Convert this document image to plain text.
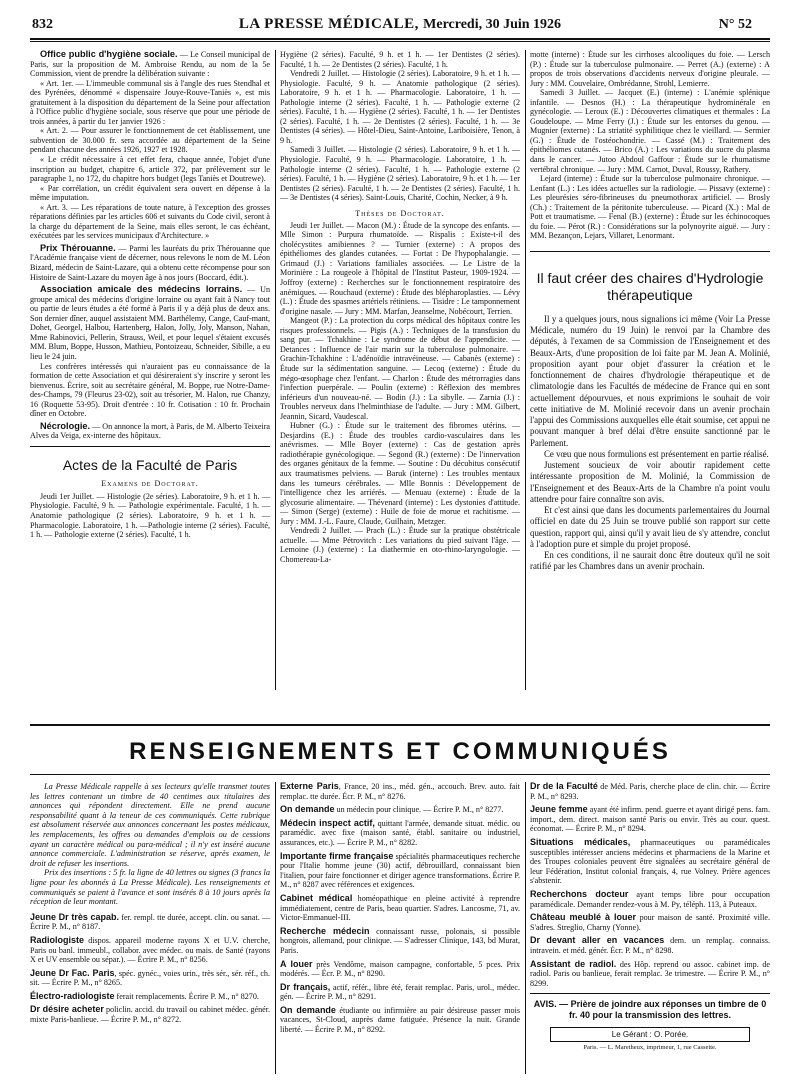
832	LA PRESSE MÉDICALE, Mercredi, 30 Juin 1926	N° 52

Office public d'hygiène sociale. — Le Conseil municipal de Paris, sur la proposition de M. Ambroise Rendu, au nom de la 5e Commission, vient de prendre la délibération suivante :

« Art. 1er. — L'immeuble communal sis à l'angle des rues Stendhal et des Pyrénées, dénommé « dispensaire Jouye-Rouve-Taniès », est mis gratuitement à la disposition du département de la Seine pour affectation à l'Office public d'hygiène sociale, sous réserve que pour une période de trois années, à partir du 1er janvier 1926 :

« Art. 2. — Pour assurer le fonctionnement de cet établissement, une subvention de 30.000 fr. sera accordée au département de la Seine pendant chacune des années 1926, 1927 et 1928.

« Le crédit nécessaire à cet effet fera, chaque année, l'objet d'une inscription au budget, chapitre 6, article 372, par prélèvement sur le paragraphe 1, no 172, du chapitre hors budget (legs Taniès et Doutrewe).

« Par corrélation, un crédit équivalent sera ouvert en dépense à la même imputation.

« Art. 3. — Les réparations de toute nature, à l'exception des grosses réparations définies par les articles 606 et suivants du Code civil, seront à la charge du département de la Seine, mais elles seront, le cas échéant, exécutées par les services municipaux d'Architecture. »

Prix Thérouanne. — Parmi les lauréats du prix Thérouanne que l'Académie française vient de décerner, nous relevons le nom de M. Léon Bizard, médecin de Saint-Lazare, qui a obtenu cette récompense pour son Histoire de Saint-Lazare du moyen âge à nos jours (Boccard, édit.).

Association amicale des médecins lorrains. — Un groupe amical des médecins d'origine lorraine ou ayant fait à Nancy tout ou partie de leurs études a été formé à Paris il y a déjà plus de deux ans. Son dernier dîner, auquel assistaient MM. Barthélemy, Cange, Cauf-mant, Dohet, Georgel, Halbou, Hartenberg, Halon, Jolly, Joly, Manson, Nahan, Mme Rabinovici, Pellerin, Strauss, Weil, et pour lequel s'étaient excusés MM. Blum, Boppe, Husson, Mathieu, Pontoizeau, Schneider, Sibille, a eu lieu le 24 juin.

Les confrères intéressés qui n'auraient pas eu connaissance de la formation de cette Association et qui désireraient s'y inscrire y seront les bienvenus. Écrire, soit au secrétaire général, M. Boppe, rue Notre-Dame-des-Champs, 79 (Fleurus 23-02), soit au trésorier, M. Halon, rue Chanzy, 16 (Roquette 53-95). Droit d'entrée : 10 fr. Cotisation : 10 fr. Prochain dîner en Octobre.

Nécrologie. — On annonce la mort, à Paris, de M. Alberto Teixeira Alves da Veiga, ex-interne des hôpitaux.

Actes de la Faculté de Paris
Examens de Doctorat.

Jeudi 1er Juillet. — Histologie (2e séries). Laboratoire, 9 h. et 1 h. — Physiologie. Faculté, 9 h. — Pathologie expérimentale. Faculté, 1 h. — Anatomie pathologique (2 séries). Laboratoire, 9 h. et 1 h. — Pharmacologie. Laboratoire, 1 h. —Pathologie interne (2 séries). Faculté, 1 h. — Pathologie externe (2 séries). Faculté, 1 h.

Hygiène (2 séries). Faculté, 9 h. et 1 h. — 1er Dentistes (2 séries). Faculté, 1 h. — 2e Dentistes (2 séries). Faculté, 1 h.

Vendredi 2 Juillet. — Histologie (2 séries). Laboratoire, 9 h. et 1 h. — Physiologie. Faculté, 9 h. — Anatomie pathologique (2 séries). Laboratoire, 9 h. et 1 h. — Pharmacologie. Laboratoire, 1 h. — Pathologie interne (2 séries). Faculté, 1 h. — Pathologie externe (2 séries). Faculté, 1 h. — Hygiène (2 séries). Faculté, 1 h. — 1er Dentistes (2 séries). Faculté, 1 h. — 2e Dentistes (2 séries). Faculté, 1 h. — 3e Dentistes (4 séries). — Hôtel-Dieu, Saint-Antoine, Lariboisière, Tenon, à 9 h.

Samedi 3 Juillet. — Histologie (2 séries). Laboratoire, 9 h. et 1 h. — Physiologie. Faculté, 9 h. — Pharmacologie. Laboratoire, 1 h. — Pathologie interne (2 séries). Faculté, 1 h. — Pathologie externe (2 séries). Faculté, 1 h. — Hygiène (2 séries). Laboratoire, 9 h. et 1 h. — 1er Dentistes (2 séries). Faculté, 1 h. — 2e Dentistes (2 séries). Faculté, 1 h. — 3e Dentistes (4 séries). Saint-Louis, Charité, Cochin, Necker, à 9 h.

Thèses de Doctorat.

Jeudi 1er Juillet. — Macon (M.) : Étude de la syncope des enfants. — Mlle Simon : Purpura rhumatoïde. — Rispalis : Existe-t-il des cholécystites amibiennes ? — Turnier (externe) : A propos des épithéliomes des glandes cutanées. — Fortat : De l'hypophalangie. — Grimaud (J.) : Variations familiales associées. — Le Listre de la Morinière : La rougeole à l'hôpital de l'Institut Pasteur, 1909-1924. — Joffroy (externe) : Recherches sur le fonctionnement respiratoire des anémiques. — Rouchaud (externe) : Étude des blépharoplasties. — Lévy (L.) : Étude des spasmes artériels rétiniens. — Tisidre : Le tamponnement d'origine nasale. — Jury : MM. Marfan, Jeanselme, Nobécourt, Terrien.

Mangeot (P.) : La protection du corps médical des hôpitaux contre les risques professionnels. — Pigis (A.) : Techniques de la transfusion du sang pur. — Tchakhine : Le syndrome de début de l'appendicite. — Detances : Influence de l'air marin sur la tuberculose pulmonaire. — Grachin-Tchakhine : L'adénoïdie intravéineuse. — Cabanès (externe) : Étude sur la sédimentation sanguine. — Lecoq (externe) : Étude du mégo-œsophage chez l'enfant. — Charlon : Étude des métrorragies dans l'infection puerpérale. — Poulin (externe) : Réflexion des membres inférieurs d'un nouveau-né. — Bodin (J.) : La sibylle. — Zarnia (J.) : Troubles nerveux dans l'helminthiase de l'adulte. — Jury : MM. Gilbert, Jeannin, Sicard, Vaudescal.

Hubner (G.) : Étude sur le traitement des fibromes utérins. — Desjardins (E.) : Étude des troubles cardio-vasculaires dans les anévrismes. — Mlle Boyer (externe) : Cas de gestation après radiothérapie gynécologique. — Segond (R.) (externe) : De l'innervation des organes génitaux de la femme. — Soutine : Du décubitus consécutif aux traumatismes pelviens. — Baruk (interne) : Les troubles mentaux dans les tumeurs cérébrales. — Mlle Bonnis : Développement de l'intelligence chez les arriérés. — Menuau (externe) : Étude de la glycosurie alimentaire. — Thévenard (interne) : Les dystonies d'attitude. — Simon (Serge) (externe) : Huile de foie de morue et rachitisme. — Jury : MM. J.-L. Faure, Claude, Guilhain, Metzger.

Vendredi 2 Juillet. — Prach (L.) : Étude sur la pratique obstétricale actuelle. — Mme Pétrovitch : Les variations du pied suivant l'âge. — Lemoine (J.) (externe) : La diathermie en oto-rhino-laryngologie. — Chomereau-La-

motte (interne) : Étude sur les cirrhoses alcooliques du foie. — Lersch (P.) : Étude sur la tuberculose pulmonaire. — Perret (A.) (externe) : A propos de trois observations d'accidents nerveux d'origine pleurale. — Jury : MM. Couvelaire, Ombrédanne, Strohl, Lemierre.

Samedi 3 Juillet. — Jacquet (E.) (interne) : L'anémie splénique infantile. — Desnos (H.) : La thérapeutique hydrominérale en gynécologie. — Leroux (E.) : Découvertes climatiques et thermales : La Goudeloupe. — Mme Ferry (J.) : Étude sur les entorses du genou. — Mugnier (externe) : La striatité syphilitique chez le vieillard. — Sermier (G.) : Étude de l'ostéochondrie. — Cassé (M.) : Traitement des épithéliomes cutanés. — Brico (A.) : Les variations du sucre du plasma dans le cancer. — Jutoo Abdoul Gaffour : Étude sur le rhumatisme vertébral chronique. — Jury : MM. Carnot, Duval, Roussy, Rathery.

Lejard (interne) : Étude sur la tuberculose pulmonaire chronique. — Lenfant (L.) : Les idées actuelles sur la radiologie. — Pissavy (externe) : Les pleurésies séro-fibrineuses du pneumothorax artificiel. — Brosly (Ch.) : Traitement de la péritonite tuberculeuse. — Picard (X.) : Mal de Pott et traumatisme. — Fenal (B.) (externe) : Étude sur les échinocoques du foie. — Pérot (R.) : Considérations sur la polynoyrite aiguë. — Jury : MM. Bezançon, Lejars, Villaret, Lenormant.

Il faut créer des chaires d'Hydrologie thérapeutique

Il y a quelques jours, nous signalions ici même (Voir La Presse Médicale, numéro du 19 Juin) le renvoi par la Chambre des députés, à l'examen de sa Commission de l'Enseignement et des Beaux-Arts, d'une proposition de loi faite par M. Jean A. Molinié, proposition ayant pour objet d'assurer la création et le fonctionnement de chaires d'hydrologie thérapeutique et de climatologie dans les Facultés de médecine de France qui en sont actuellement dépourvues, et nous exprimions le souhait de voir cette initiative de M. Molinié recevoir dans un avenir prochain l'appui des Commissions auxquelles elle était soumise, cet appui ne pouvant manquer à bref délai d'être ensuite sanctionné par le Parlement.

Ce vœu que nous formulions est présentement en partie réalisé.

Justement soucieux de voir aboutir rapidement cette intéressante proposition de M. Molinié, la Commission de l'Enseignement et des Beaux-Arts de la Chambre n'a point voulu attendre pour faire connaître son avis.

Et c'est ainsi que dans les documents parlementaires du Journal officiel en date du 25 Juin se trouve publié son rapport sur cette question, rapport qui, ainsi qu'il y avait lieu de s'y attendre, conclut à l'adoption pure et simple du projet proposé.

En ces conditions, il ne saurait donc être douteux qu'il ne soit ratifié par les Chambres dans un avenir prochain.

RENSEIGNEMENTS ET COMMUNIQUÉS

La Presse Médicale rappelle à ses lecteurs qu'elle transmet toutes les lettres contenant un timbre de 40 centimes aux titulaires des annonces qui répondent directement. Elle ne prend aucune responsabilité quant à la teneur de ces communiqués. Cette rubrique est absolument réservée aux annonces concernant les postes médicaux, les remplacements, les offres ou demandes d'emplois ou de cessions ayant un caractère médical ou para-médical ; il n'y est inséré aucune annonce commerciale. L'administration se réserve, après examen, le droit de refuser les insertions.

Prix des insertions : 5 fr. la ligne de 40 lettres ou signes (3 francs la ligne pour les abonnés à La Presse Médicale). Les renseignements et communiqués se paient à l'avance et sont insérés 8 à 10 jours après la réception de leur montant.

Jeune Dr très capab. fer. rempl. tte durée, accept. clin. ou sanat. — Écrire P. M., n° 8187.

Radiologiste dispos. appareil moderne rayons X et U.V. cherche, Paris ou banl. immeubl., collabor. avec médec. ou mais. de Santé (rayons X et UV ensemble ou sépar.). — Écrire P. M., n° 8256.

Jeune Dr Fac. Paris, spéc. gynéc., voies urin., très sér., sér. réf., ch. sit. — Écrire P. M., n° 8265.

Électro-radiologiste ferait remplacements. Écrire P. M., n° 8270.

Dr désire acheter policlin. accid. du travail ou cabinet médec. génér. mixte Paris-banlieue. — Écrire P. M., n° 8272.

Externe Paris, France, 20 ins., méd. gén., accouch. Brev. auto. fait remplac. tte durée. Écr. P. M., n° 8276.

On demande un médecin pour clinique. — Écrire P. M., n° 8277.

Médecin inspect actif, quittant l'armée, demande situat. médic. ou paramédic. avec fixe (maison santé, établ. sanitaire ou industriel, assurances, etc.). — Écrire P. M., n° 8282.

Importante firme française spécialités pharmaceutiques recherche pour l'Italie homme jeune (30) actif, débrouillard, connaissant bien l'italien, pour faire fonctionner et diriger agence transformations. Écrire P. M., n° 8287 avec références et exigences.

Cabinet médical homéopathique en pleine activité à reprendre immédiatement, centre de Paris, beau quartier. S'adres. Lancosme, 71, av. Victor-Emmanuel-III.

Recherche médecin connaissant russe, polonais, si possible hongrois, allemand, pour clinique. — S'adresser Clinique, 143, bd Murat, Paris.

A louer près Vendôme, maison campagne, confortable, 5 pces. Prix modérés. — Écr. P. M., n° 8290.

Dr français, actif, référ., libre été, ferait remplac. Paris, urol., médec. gén. — Écrire P. M., n° 8291.

On demande étudiante ou infirmière au pair désireuse passer mois vacances, St-Cloud, auprès dame fatiguée. Présence la nuit. Grande liberté. — Écrire P. M., n° 8292.

Dr de la Faculté de Méd. Paris, cherche place de clin. chir. — Écrire P. M., n° 8293.

Jeune femme ayant été infirm. pend. guerre et ayant dirigé pens. fam. import., dem. direct. maison santé Paris ou envir. Très au cour. quest. économat. — Écrire P. M., n° 8294.

Situations médicales, pharmaceutiques ou paramédicales susceptibles intéresser anciens médecins et pharmaciens de la Marine et des Troupes coloniales peuvent être signalées au secrétaire général de leur Fédération, Institut colonial français, 4, rue Volney. Prière agences s'abstenir.

Recherchons docteur ayant temps libre pour occupation paramédicale. Demander rendez-vous à M. Py, téléph. 113, à Puteaux.

Château meublé à louer pour maison de santé. Proximité ville. S'adres. Streglio, Charny (Yonne).

Dr devant aller en vacances dem. un remplaç. connaiss. intravein. et méd. génér. Écr. P. M., n° 8298.

Assistant de radiol. des Hôp. reprend ou assoc. cabinet imp. de radiol. Paris ou banlieue, ferait remplac. 3e trimestre. — Écrire P. M., n° 8299.

AVIS. — Prière de joindre aux réponses un timbre de 0 fr. 40 pour la transmission des lettres.

Le Gérant : O. Porée.

Paris. — L. Maretheux, imprimeur, 1, rue Cassette.
